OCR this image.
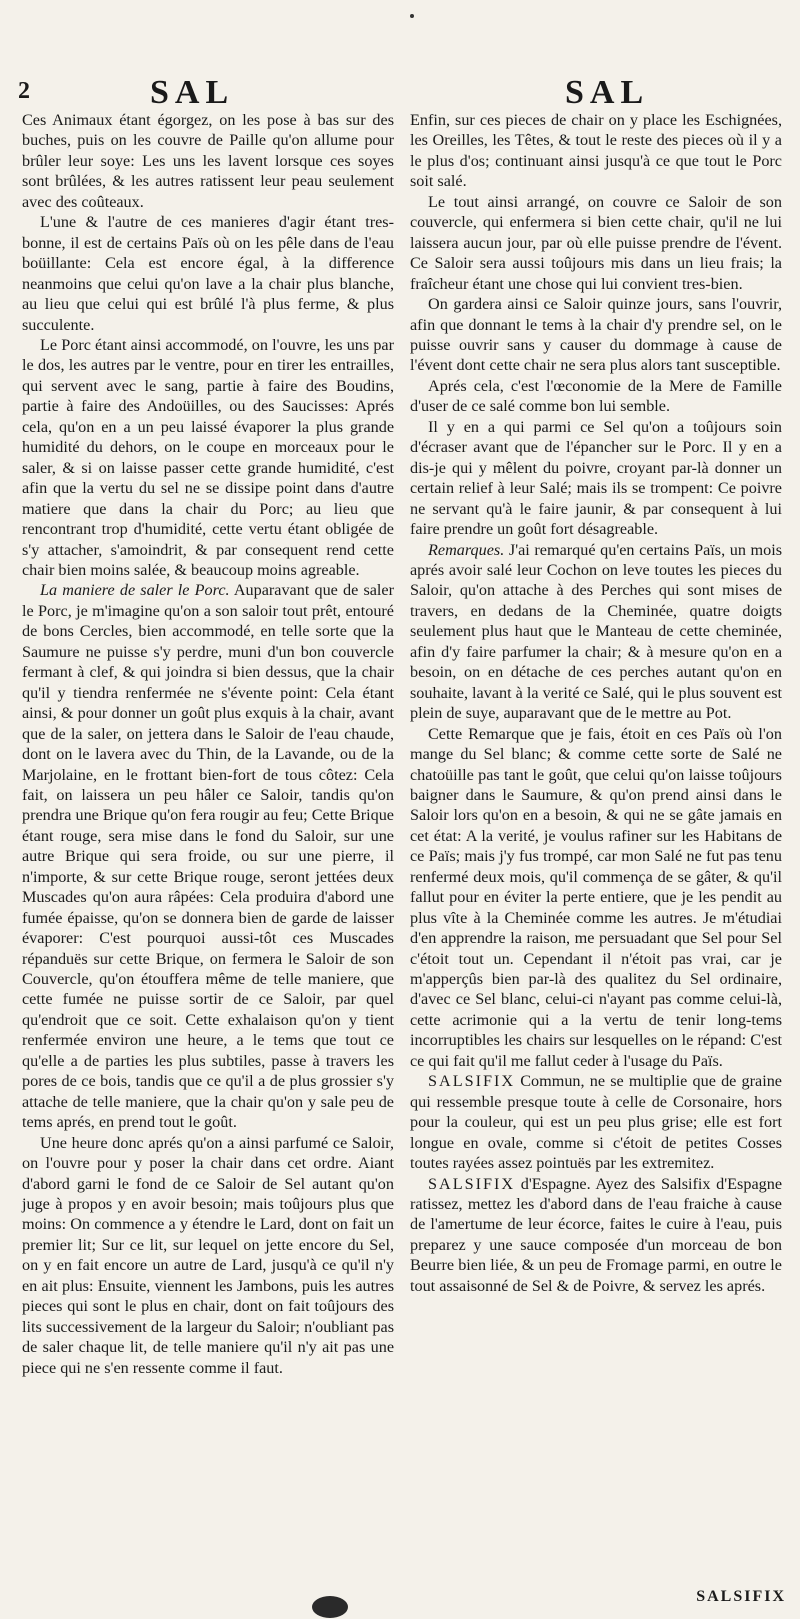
2	SAL	SAL

Ces Animaux étant égorgez, on les pose à bas sur des buches, puis on les couvre de Paille qu'on allume pour brûler leur soye: Les uns les lavent lorsque ces soyes sont brûlées, & les autres ratissent leur peau seulement avec des coûteaux.

L'une & l'autre de ces manieres d'agir étant tres-bonne, il est de certains Païs où on les pêle dans de l'eau boüillante: Cela est encore égal, à la difference neanmoins que celui qu'on lave a la chair plus blanche, au lieu que celui qui est brûlé l'à plus ferme, & plus succulente.

Le Porc étant ainsi accommodé, on l'ouvre, les uns par le dos, les autres par le ventre, pour en tirer les entrailles, qui servent avec le sang, partie à faire des Boudins, partie à faire des Andoüilles, ou des Saucisses: Aprés cela, qu'on en a un peu laissé évaporer la plus grande humidité du dehors, on le coupe en morceaux pour le saler, & si on laisse passer cette grande humidité, c'est afin que la vertu du sel ne se dissipe point dans d'autre matiere que dans la chair du Porc; au lieu que rencontrant trop d'humidité, cette vertu étant obligée de s'y attacher, s'amoindrit, & par consequent rend cette chair bien moins salée, & beaucoup moins agreable.

La maniere de saler le Porc. Auparavant que de saler le Porc, je m'imagine qu'on a son saloir tout prêt, entouré de bons Cercles, bien accommodé, en telle sorte que la Saumure ne puisse s'y perdre, muni d'un bon couvercle fermant à clef, & qui joindra si bien dessus, que la chair qu'il y tiendra renfermée ne s'évente point: Cela étant ainsi, & pour donner un goût plus exquis à la chair, avant que de la saler, on jettera dans le Saloir de l'eau chaude, dont on le lavera avec du Thin, de la Lavande, ou de la Marjolaine, en le frottant bien-fort de tous côtez: Cela fait, on laissera un peu hâler ce Saloir, tandis qu'on prendra une Brique qu'on fera rougir au feu; Cette Brique étant rouge, sera mise dans le fond du Saloir, sur une autre Brique qui sera froide, ou sur une pierre, il n'importe, & sur cette Brique rouge, seront jettées deux Muscades qu'on aura râpées: Cela produira d'abord une fumée épaisse, qu'on se donnera bien de garde de laisser évaporer: C'est pourquoi aussi-tôt ces Muscades répanduës sur cette Brique, on fermera le Saloir de son Couvercle, qu'on étouffera même de telle maniere, que cette fumée ne puisse sortir de ce Saloir, par quel qu'endroit que ce soit. Cette exhalaison qu'on y tient renfermée environ une heure, a le tems que tout ce qu'elle a de parties les plus subtiles, passe à travers les pores de ce bois, tandis que ce qu'il a de plus grossier s'y attache de telle maniere, que la chair qu'on y sale peu de tems aprés, en prend tout le goût.

Une heure donc aprés qu'on a ainsi parfumé ce Saloir, on l'ouvre pour y poser la chair dans cet ordre. Aiant d'abord garni le fond de ce Saloir de Sel autant qu'on juge à propos y en avoir besoin; mais toûjours plus que moins: On commence a y étendre le Lard, dont on fait un premier lit; Sur ce lit, sur lequel on jette encore du Sel, on y en fait encore un autre de Lard, jusqu'à ce qu'il n'y en ait plus: Ensuite, viennent les Jambons, puis les autres pieces qui sont le plus en chair, dont on fait toûjours des lits successivement de la largeur du Saloir; n'oubliant pas de saler chaque lit, de telle maniere qu'il n'y ait pas une piece qui ne s'en ressente comme il faut.

Enfin, sur ces pieces de chair on y place les Eschignées, les Oreilles, les Têtes, & tout le reste des pieces où il y a le plus d'os; continuant ainsi jusqu'à ce que tout le Porc soit salé.

Le tout ainsi arrangé, on couvre ce Saloir de son couvercle, qui enfermera si bien cette chair, qu'il ne lui laissera aucun jour, par où elle puisse prendre de l'évent. Ce Saloir sera aussi toûjours mis dans un lieu frais; la fraîcheur étant une chose qui lui convient tres-bien.

On gardera ainsi ce Saloir quinze jours, sans l'ouvrir, afin que donnant le tems à la chair d'y prendre sel, on le puisse ouvrir sans y causer du dommage à cause de l'évent dont cette chair ne sera plus alors tant susceptible.

Aprés cela, c'est l'œconomie de la Mere de Famille d'user de ce salé comme bon lui semble.

Il y en a qui parmi ce Sel qu'on a toûjours soin d'écraser avant que de l'épancher sur le Porc. Il y en a dis-je qui y mêlent du poivre, croyant par-là donner un certain relief à leur Salé; mais ils se trompent: Ce poivre ne servant qu'à le faire jaunir, & par consequent à lui faire prendre un goût fort désagreable.

Remarques. J'ai remarqué qu'en certains Païs, un mois aprés avoir salé leur Cochon on leve toutes les pieces du Saloir, qu'on attache à des Perches qui sont mises de travers, en dedans de la Cheminée, quatre doigts seulement plus haut que le Manteau de cette cheminée, afin d'y faire parfumer la chair; & à mesure qu'on en a besoin, on en détache de ces perches autant qu'on en souhaite, lavant à la verité ce Salé, qui le plus souvent est plein de suye, auparavant que de le mettre au Pot.

Cette Remarque que je fais, étoit en ces Païs où l'on mange du Sel blanc; & comme cette sorte de Salé ne chatoüille pas tant le goût, que celui qu'on laisse toûjours baigner dans le Saumure, & qu'on prend ainsi dans le Saloir lors qu'on en a besoin, & qui ne se gâte jamais en cet état: A la verité, je voulus rafiner sur les Habitans de ce Païs; mais j'y fus trompé, car mon Salé ne fut pas tenu renfermé deux mois, qu'il commença de se gâter, & qu'il fallut pour en éviter la perte entiere, que je les pendit au plus vîte à la Cheminée comme les autres. Je m'étudiai d'en apprendre la raison, me persuadant que Sel pour Sel c'étoit tout un. Cependant il n'étoit pas vrai, car je m'apperçûs bien par-là des qualitez du Sel ordinaire, d'avec ce Sel blanc, celui-ci n'ayant pas comme celui-là, cette acrimonie qui a la vertu de tenir long-tems incorruptibles les chairs sur lesquelles on le répand: C'est ce qui fait qu'il me fallut ceder à l'usage du Païs.

SALSIFIX Commun, ne se multiplie que de graine qui ressemble presque toute à celle de Corsonaire, hors pour la couleur, qui est un peu plus grise; elle est fort longue en ovale, comme si c'étoit de petites Cosses toutes rayées assez pointuës par les extremitez.

SALSIFIX d'Espagne. Ayez des Salsifix d'Espagne ratissez, mettez les d'abord dans de l'eau fraiche à cause de l'amertume de leur écorce, faites le cuire à l'eau, puis preparez y une sauce composée d'un morceau de bon Beurre bien liée, & un peu de Fromage parmi, en outre le tout assaisonné de Sel & de Poivre, & servez les aprés.

SALSIFIX
